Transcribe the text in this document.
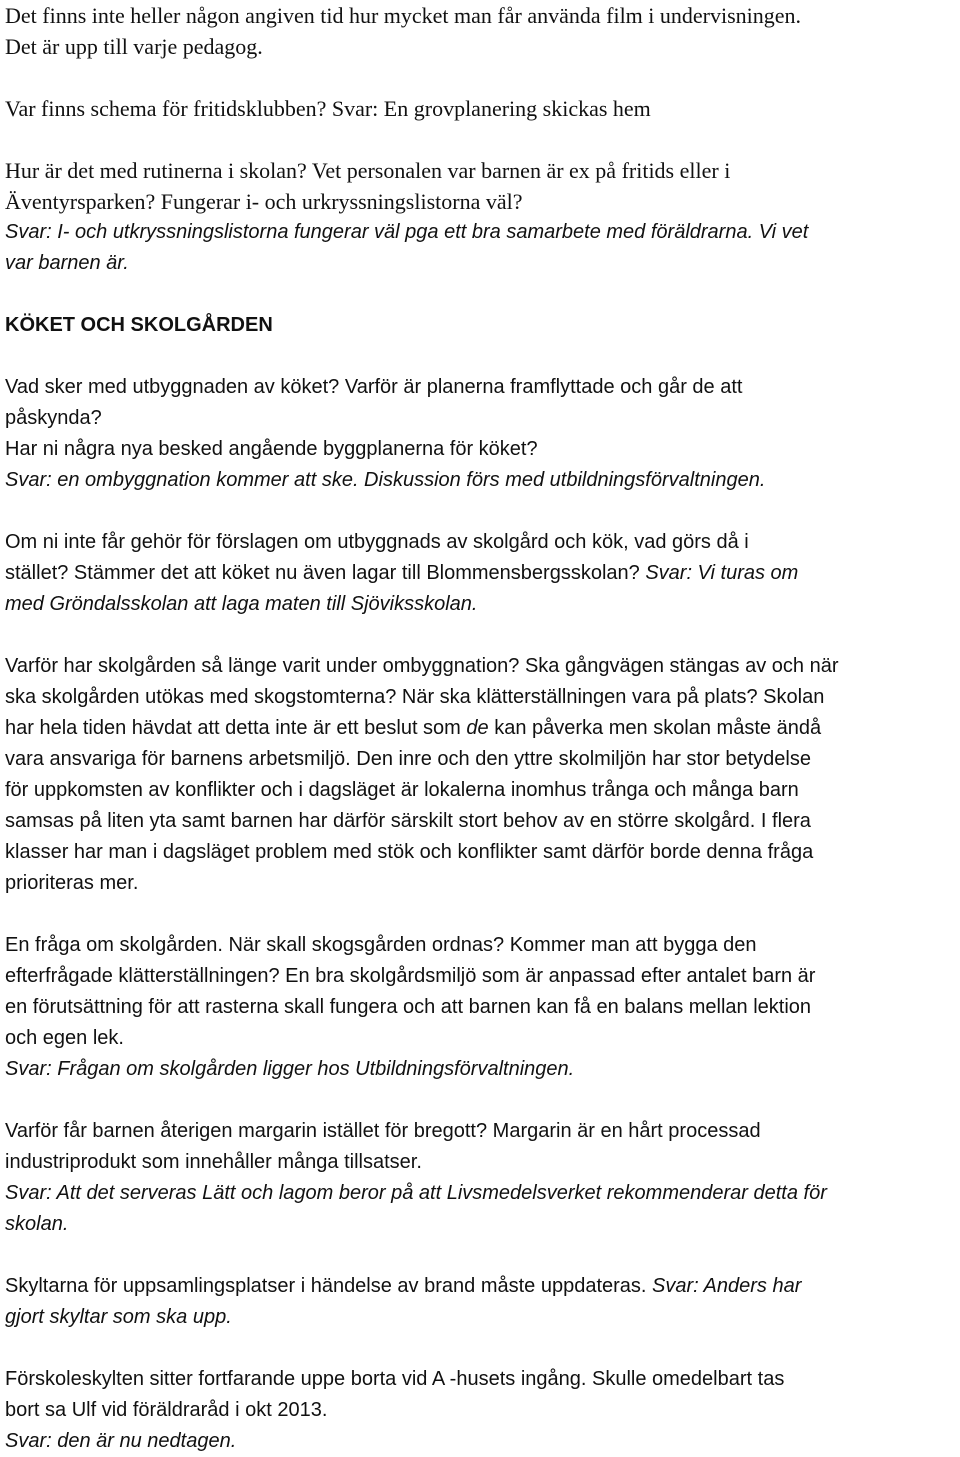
Det finns inte heller någon angiven tid hur mycket man får använda film i undervisningen.

Det är upp till varje pedagog.

Var finns schema för fritidsklubben? Svar: En grovplanering skickas hem

Hur är det med rutinerna i skolan? Vet personalen var barnen är ex på fritids eller i

Äventyrsparken? Fungerar i- och urkryssningslistorna väl?

Svar: I- och utkryssningslistorna fungerar väl pga ett bra samarbete med föräldrarna. Vi vet

var barnen är.

KÖKET OCH SKOLGÅRDEN

Vad sker med utbyggnaden av köket? Varför är planerna framflyttade och går de att

påskynda?

Har ni några nya besked angående byggplanerna för köket?

Svar: en ombyggnation kommer att ske. Diskussion förs med utbildningsförvaltningen.

Om ni inte får gehör för förslagen om utbyggnads av skolgård och kök, vad görs då i

stället? Stämmer det att köket nu även lagar till Blommensbergsskolan? Svar: Vi turas om

med Gröndalsskolan att laga maten till Sjöviksskolan.

Varför har skolgården så länge varit under ombyggnation? Ska gångvägen stängas av och när

ska skolgården utökas med skogstomterna? När ska klätterställningen vara på plats? Skolan

har hela tiden hävdat att detta inte är ett beslut som de kan påverka men skolan måste ändå

vara ansvariga för barnens arbetsmiljö. Den inre och den yttre skolmiljön har stor betydelse

för uppkomsten av konflikter och i dagsläget är lokalerna inomhus trånga och många barn

samsas på liten yta samt barnen har därför särskilt stort behov av en större skolgård. I flera

klasser har man i dagsläget problem med stök och konflikter samt därför borde denna fråga

prioriteras mer.

En fråga om skolgården. När skall skogsgården ordnas? Kommer man att bygga den

efterfrågade klätterställningen? En bra skolgårdsmiljö som är anpassad efter antalet barn är

en förutsättning för att rasterna skall fungera och att barnen kan få en balans mellan lektion

och egen lek.

Svar: Frågan om skolgården ligger hos Utbildningsförvaltningen.

Varför får barnen återigen margarin istället för bregott? Margarin är en hårt processad

industriprodukt som innehåller många tillsatser.

Svar: Att det serveras Lätt och lagom beror på att Livsmedelsverket rekommenderar detta för

skolan.

Skyltarna för uppsamlingsplatser i händelse av brand måste uppdateras. Svar: Anders har

gjort skyltar som ska upp.

Förskoleskylten sitter fortfarande uppe borta vid A -husets ingång. Skulle omedelbart tas

bort sa Ulf vid föräldraråd i okt 2013.

Svar: den är nu nedtagen.
